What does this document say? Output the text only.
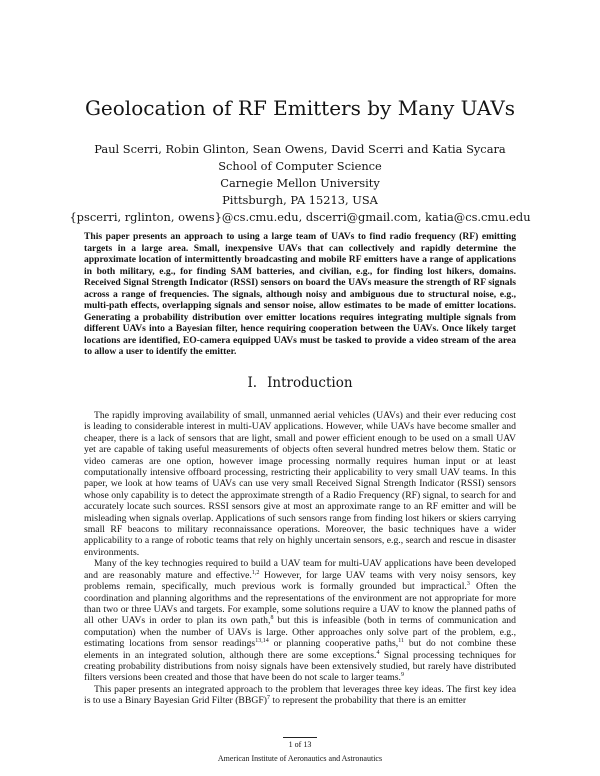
Geolocation of RF Emitters by Many UAVs
Paul Scerri, Robin Glinton, Sean Owens, David Scerri and Katia Sycara
School of Computer Science
Carnegie Mellon University
Pittsburgh, PA 15213, USA
{pscerri, rglinton, owens}@cs.cmu.edu, dscerri@gmail.com, katia@cs.cmu.edu

This paper presents an approach to using a large team of UAVs to find radio frequency (RF) emitting targets in a large area. Small, inexpensive UAVs that can collectively and rapidly determine the approximate location of intermittently broadcasting and mobile RF emitters have a range of applications in both military, e.g., for finding SAM batteries, and civilian, e.g., for finding lost hikers, domains. Received Signal Strength Indicator (RSSI) sensors on board the UAVs measure the strength of RF signals across a range of frequencies. The signals, although noisy and ambiguous due to structural noise, e.g., multi-path effects, overlapping signals and sensor noise, allow estimates to be made of emitter locations. Generating a probability distribution over emitter locations requires integrating multiple signals from different UAVs into a Bayesian filter, hence requiring cooperation between the UAVs. Once likely target locations are identified, EO-camera equipped UAVs must be tasked to provide a video stream of the area to allow a user to identify the emitter.

I. Introduction

The rapidly improving availability of small, unmanned aerial vehicles (UAVs) and their ever reducing cost is leading to considerable interest in multi-UAV applications. However, while UAVs have become smaller and cheaper, there is a lack of sensors that are light, small and power efficient enough to be used on a small UAV yet are capable of taking useful measurements of objects often several hundred metres below them. Static or video cameras are one option, however image processing normally requires human input or at least computationally intensive offboard processing, restricting their applicability to very small UAV teams. In this paper, we look at how teams of UAVs can use very small Received Signal Strength Indicator (RSSI) sensors whose only capability is to detect the approximate strength of a Radio Frequency (RF) signal, to search for and accurately locate such sources. RSSI sensors give at most an approximate range to an RF emitter and will be misleading when signals overlap. Applications of such sensors range from finding lost hikers or skiers carrying small RF beacons to military reconnaissance operations. Moreover, the basic techniques have a wider applicability to a range of robotic teams that rely on highly uncertain sensors, e.g., search and rescue in disaster environments.

Many of the key technogies required to build a UAV team for multi-UAV applications have been developed and are reasonably mature and effective.$^{1,2}$ However, for large UAV teams with very noisy sensors, key problems remain, specifically, much previous work is formally grounded but impractical.$^3$ Often the coordination and planning algorithms and the representations of the environment are not appropriate for more than two or three UAVs and targets. For example, some solutions require a UAV to know the planned paths of all other UAVs in order to plan its own path,$^8$ but this is infeasible (both in terms of communication and computation) when the number of UAVs is large. Other approaches only solve part of the problem, e.g., estimating locations from sensor readings$^{13,14}$ or planning cooperative paths,$^{11}$ but do not combine these elements in an integrated solution, although there are some exceptions.$^4$ Signal processing techniques for creating probability distributions from noisy signals have been extensively studied, but rarely have distributed filters versions been created and those that have been do not scale to larger teams.$^9$

This paper presents an integrated approach to the problem that leverages three key ideas. The first key idea is to use a Binary Bayesian Grid Filter (BBGF)$^7$ to represent the probability that there is an emitter

1 of 13
American Institute of Aeronautics and Astronautics
